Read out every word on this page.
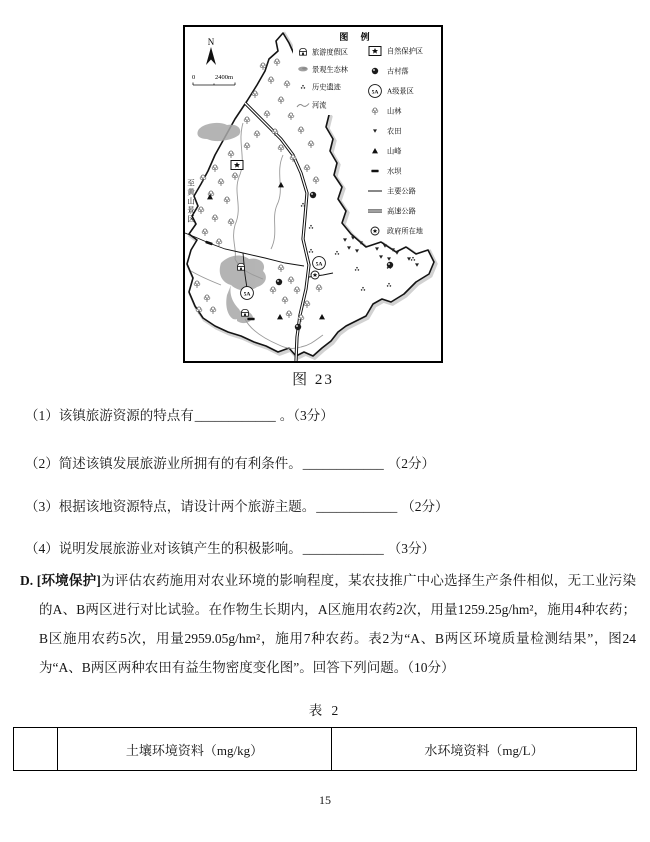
5A
5A
N
0	2400m
至黄山景区
图 例
旅游度假区
景观生态林
历史遗迹
河流
自然保护区
古村落
5A A级景区
山林
农田
山峰
水坝
主要公路
高速公路
政府所在地
图 23
（1）该镇旅游资源的特点有____________ 。（3分）
（2）简述该镇发展旅游业所拥有的有利条件。____________ （2分）
（3）根据该地资源特点，请设计两个旅游主题。____________ （2分）
（4）说明发展旅游业对该镇产生的积极影响。____________ （3分）
D. [环境保护]为评估农药施用对农业环境的影响程度，某农技推广中心选择生产条件相似，无工业污染的A、B两区进行对比试验。在作物生长期内，A区施用农药2次，用量1259.25g/hm²，施用4种农药；B区施用农药5次，用量2959.05g/hm²，施用7种农药。表2为“A、B两区环境质量检测结果”，图24为“A、B两区两种农田有益生物密度变化图”。回答下列问题。（10分）
表 2
土壤环境资料（mg/kg）	水环境资料（mg/L）
15
